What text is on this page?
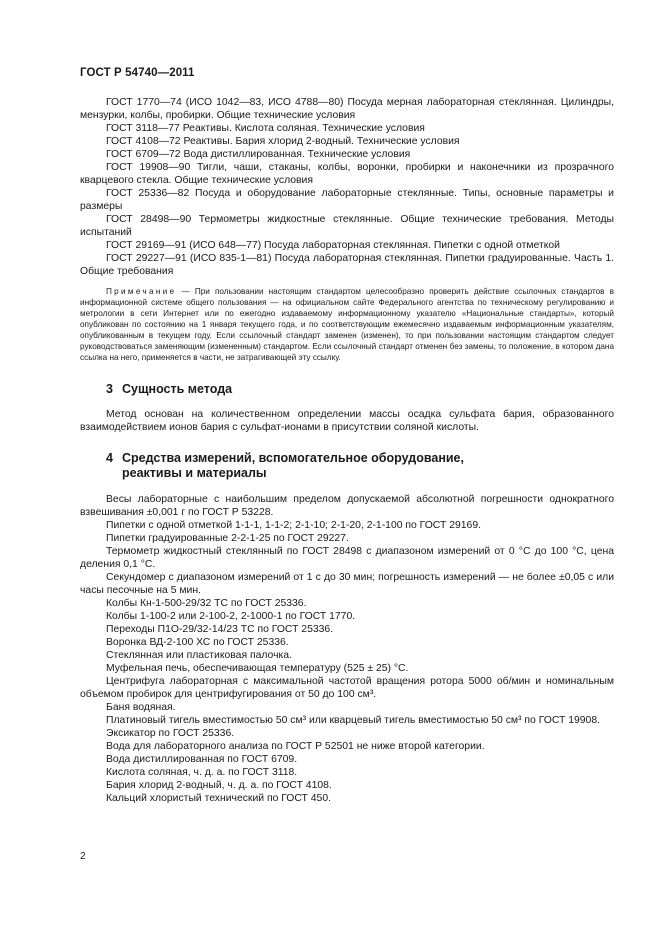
ГОСТ Р 54740—2011

ГОСТ 1770—74 (ИСО 1042—83, ИСО 4788—80) Посуда мерная лабораторная стеклянная. Цилиндры, мензурки, колбы, пробирки. Общие технические условия

ГОСТ 3118—77 Реактивы. Кислота соляная. Технические условия

ГОСТ 4108—72 Реактивы. Бария хлорид 2-водный. Технические условия

ГОСТ 6709—72 Вода дистиллированная. Технические условия

ГОСТ 19908—90 Тигли, чаши, стаканы, колбы, воронки, пробирки и наконечники из прозрачного кварцевого стекла. Общие технические условия

ГОСТ 25336—82 Посуда и оборудование лабораторные стеклянные. Типы, основные параметры и размеры

ГОСТ 28498—90 Термометры жидкостные стеклянные. Общие технические требования. Методы испытаний

ГОСТ 29169—91 (ИСО 648—77) Посуда лабораторная стеклянная. Пипетки с одной отметкой

ГОСТ 29227—91 (ИСО 835-1—81) Посуда лабораторная стеклянная. Пипетки градуированные. Часть 1. Общие требования

Примечание — При пользовании настоящим стандартом целесообразно проверить действие ссылочных стандартов в информационной системе общего пользования — на официальном сайте Федерального агентства по техническому регулированию и метрологии в сети Интернет или по ежегодно издаваемому информационному указателю «Национальные стандарты», который опубликован по состоянию на 1 января текущего года, и по соответствующим ежемесячно издаваемым информационным указателям, опубликованным в текущем году. Если ссылочный стандарт заменен (изменен), то при пользовании настоящим стандартом следует руководствоваться заменяющим (измененным) стандартом. Если ссылочный стандарт отменен без замены, то положение, в котором дана ссылка на него, применяется в части, не затрагивающей эту ссылку.

3 Сущность метода

Метод основан на количественном определении массы осадка сульфата бария, образованного взаимодействием ионов бария с сульфат-ионами в присутствии соляной кислоты.

4 Средства измерений, вспомогательное оборудование,
реактивы и материалы

Весы лабораторные с наибольшим пределом допускаемой абсолютной погрешности однократного взвешивания ±0,001 г по ГОСТ Р 53228.

Пипетки с одной отметкой 1-1-1, 1-1-2; 2-1-10; 2-1-20, 2-1-100 по ГОСТ 29169.

Пипетки градуированные 2-2-1-25 по ГОСТ 29227.

Термометр жидкостный стеклянный по ГОСТ 28498 с диапазоном измерений от 0 °С до 100 °С, цена деления 0,1 °С.

Секундомер с диапазоном измерений от 1 с до 30 мин; погрешность измерений — не более ±0,05 с или часы песочные на 5 мин.

Колбы Кн-1-500-29/32 ТС по ГОСТ 25336.

Колбы 1-100-2 или 2-100-2, 2-1000-1 по ГОСТ 1770.

Переходы П1О-29/32-14/23 ТС по ГОСТ 25336.

Воронка ВД-2-100 ХС по ГОСТ 25336.

Стеклянная или пластиковая палочка.

Муфельная печь, обеспечивающая температуру (525 ± 25) °С.

Центрифуга лабораторная с максимальной частотой вращения ротора 5000 об/мин и номинальным объемом пробирок для центрифугирования от 50 до 100 см³.

Баня водяная.

Платиновый тигель вместимостью 50 см³ или кварцевый тигель вместимостью 50 см³ по ГОСТ 19908.

Эксикатор по ГОСТ 25336.

Вода для лабораторного анализа по ГОСТ Р 52501 не ниже второй категории.

Вода дистиллированная по ГОСТ 6709.

Кислота соляная, ч. д. а. по ГОСТ 3118.

Бария хлорид 2-водный, ч. д. а. по ГОСТ 4108.

Кальций хлористый технический по ГОСТ 450.

2
